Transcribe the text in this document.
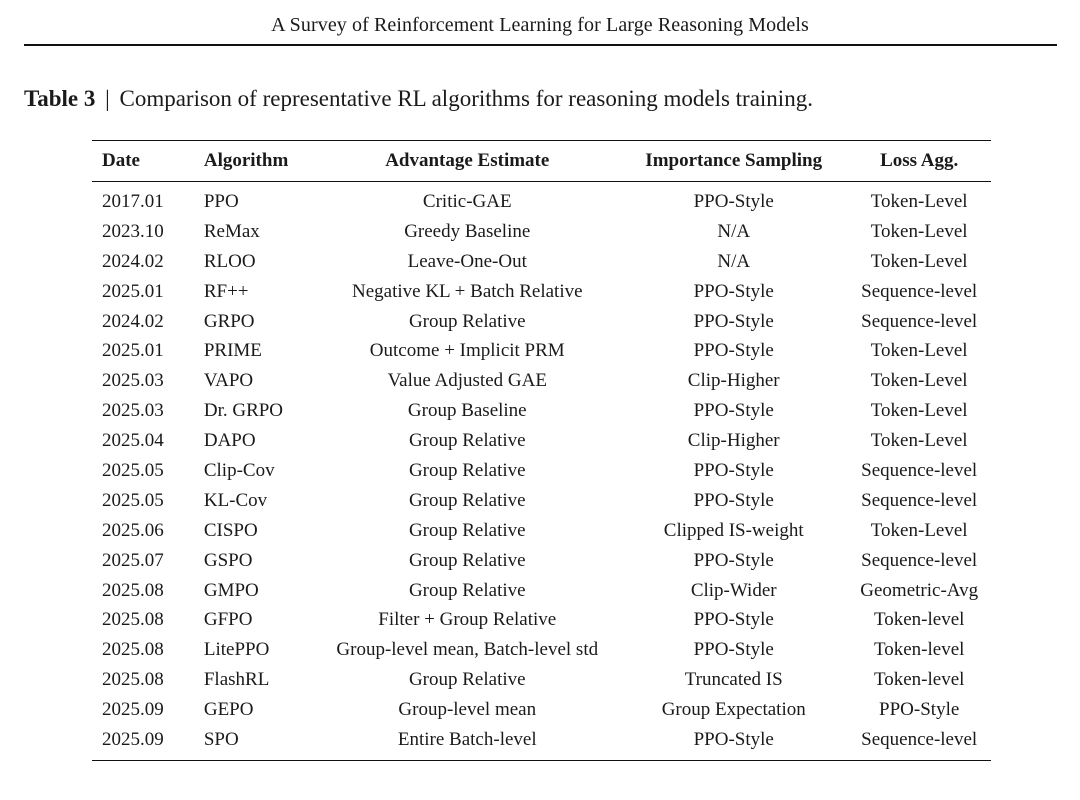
A Survey of Reinforcement Learning for Large Reasoning Models
Table 3 | Comparison of representative RL algorithms for reasoning models training.
Date	Algorithm	Advantage Estimate	Importance Sampling	Loss Agg.
2017.01	PPO	Critic-GAE	PPO-Style	Token-Level
2023.10	ReMax	Greedy Baseline	N/A	Token-Level
2024.02	RLOO	Leave-One-Out	N/A	Token-Level
2025.01	RF++	Negative KL + Batch Relative	PPO-Style	Sequence-level
2024.02	GRPO	Group Relative	PPO-Style	Sequence-level
2025.01	PRIME	Outcome + Implicit PRM	PPO-Style	Token-Level
2025.03	VAPO	Value Adjusted GAE	Clip-Higher	Token-Level
2025.03	Dr. GRPO	Group Baseline	PPO-Style	Token-Level
2025.04	DAPO	Group Relative	Clip-Higher	Token-Level
2025.05	Clip-Cov	Group Relative	PPO-Style	Sequence-level
2025.05	KL-Cov	Group Relative	PPO-Style	Sequence-level
2025.06	CISPO	Group Relative	Clipped IS-weight	Token-Level
2025.07	GSPO	Group Relative	PPO-Style	Sequence-level
2025.08	GMPO	Group Relative	Clip-Wider	Geometric-Avg
2025.08	GFPO	Filter + Group Relative	PPO-Style	Token-level
2025.08	LitePPO	Group-level mean, Batch-level std	PPO-Style	Token-level
2025.08	FlashRL	Group Relative	Truncated IS	Token-level
2025.09	GEPO	Group-level mean	Group Expectation	PPO-Style
2025.09	SPO	Entire Batch-level	PPO-Style	Sequence-level
